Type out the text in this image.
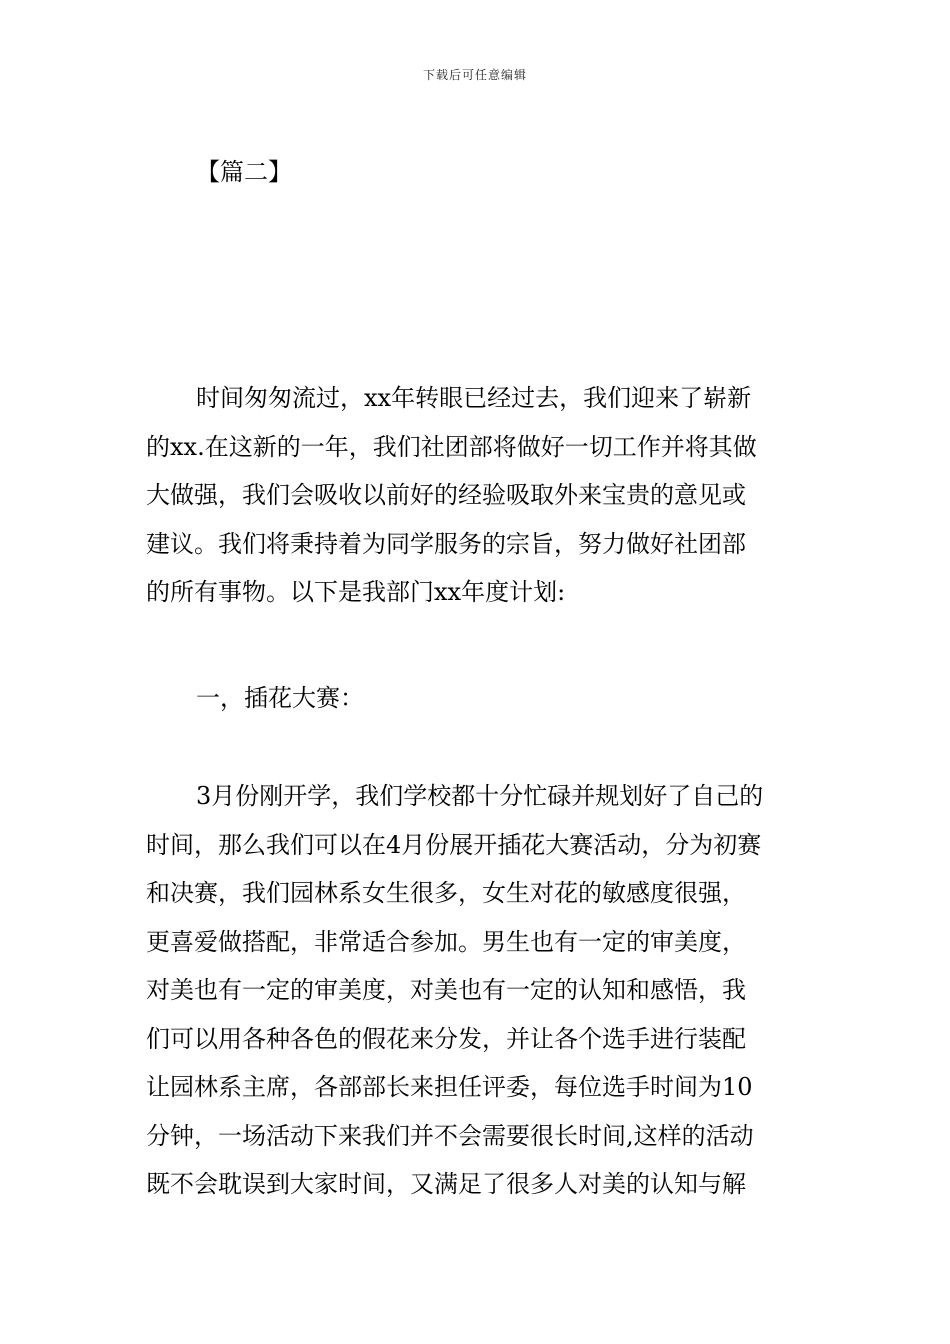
下载后可任意编辑
【篇二】
时间匆匆流过，xx年转眼已经过去，我们迎来了崭新
的xx.在这新的一年，我们社团部将做好一切工作并将其做
大做强，我们会吸收以前好的经验吸取外来宝贵的意见或
建议。我们将秉持着为同学服务的宗旨，努力做好社团部
的所有事物。以下是我部门xx年度计划:
一，插花大赛：
3月份刚开学，我们学校都十分忙碌并规划好了自己的
时间，那么我们可以在4月份展开插花大赛活动，分为初赛
和决赛，我们园林系女生很多，女生对花的敏感度很强，
更喜爱做搭配，非常适合参加。男生也有一定的审美度，
对美也有一定的审美度，对美也有一定的认知和感悟，我
们可以用各种各色的假花来分发，并让各个选手进行装配
让园林系主席，各部部长来担任评委，每位选手时间为10
分钟，一场活动下来我们并不会需要很长时间,这样的活动
既不会耽误到大家时间，又满足了很多人对美的认知与解
